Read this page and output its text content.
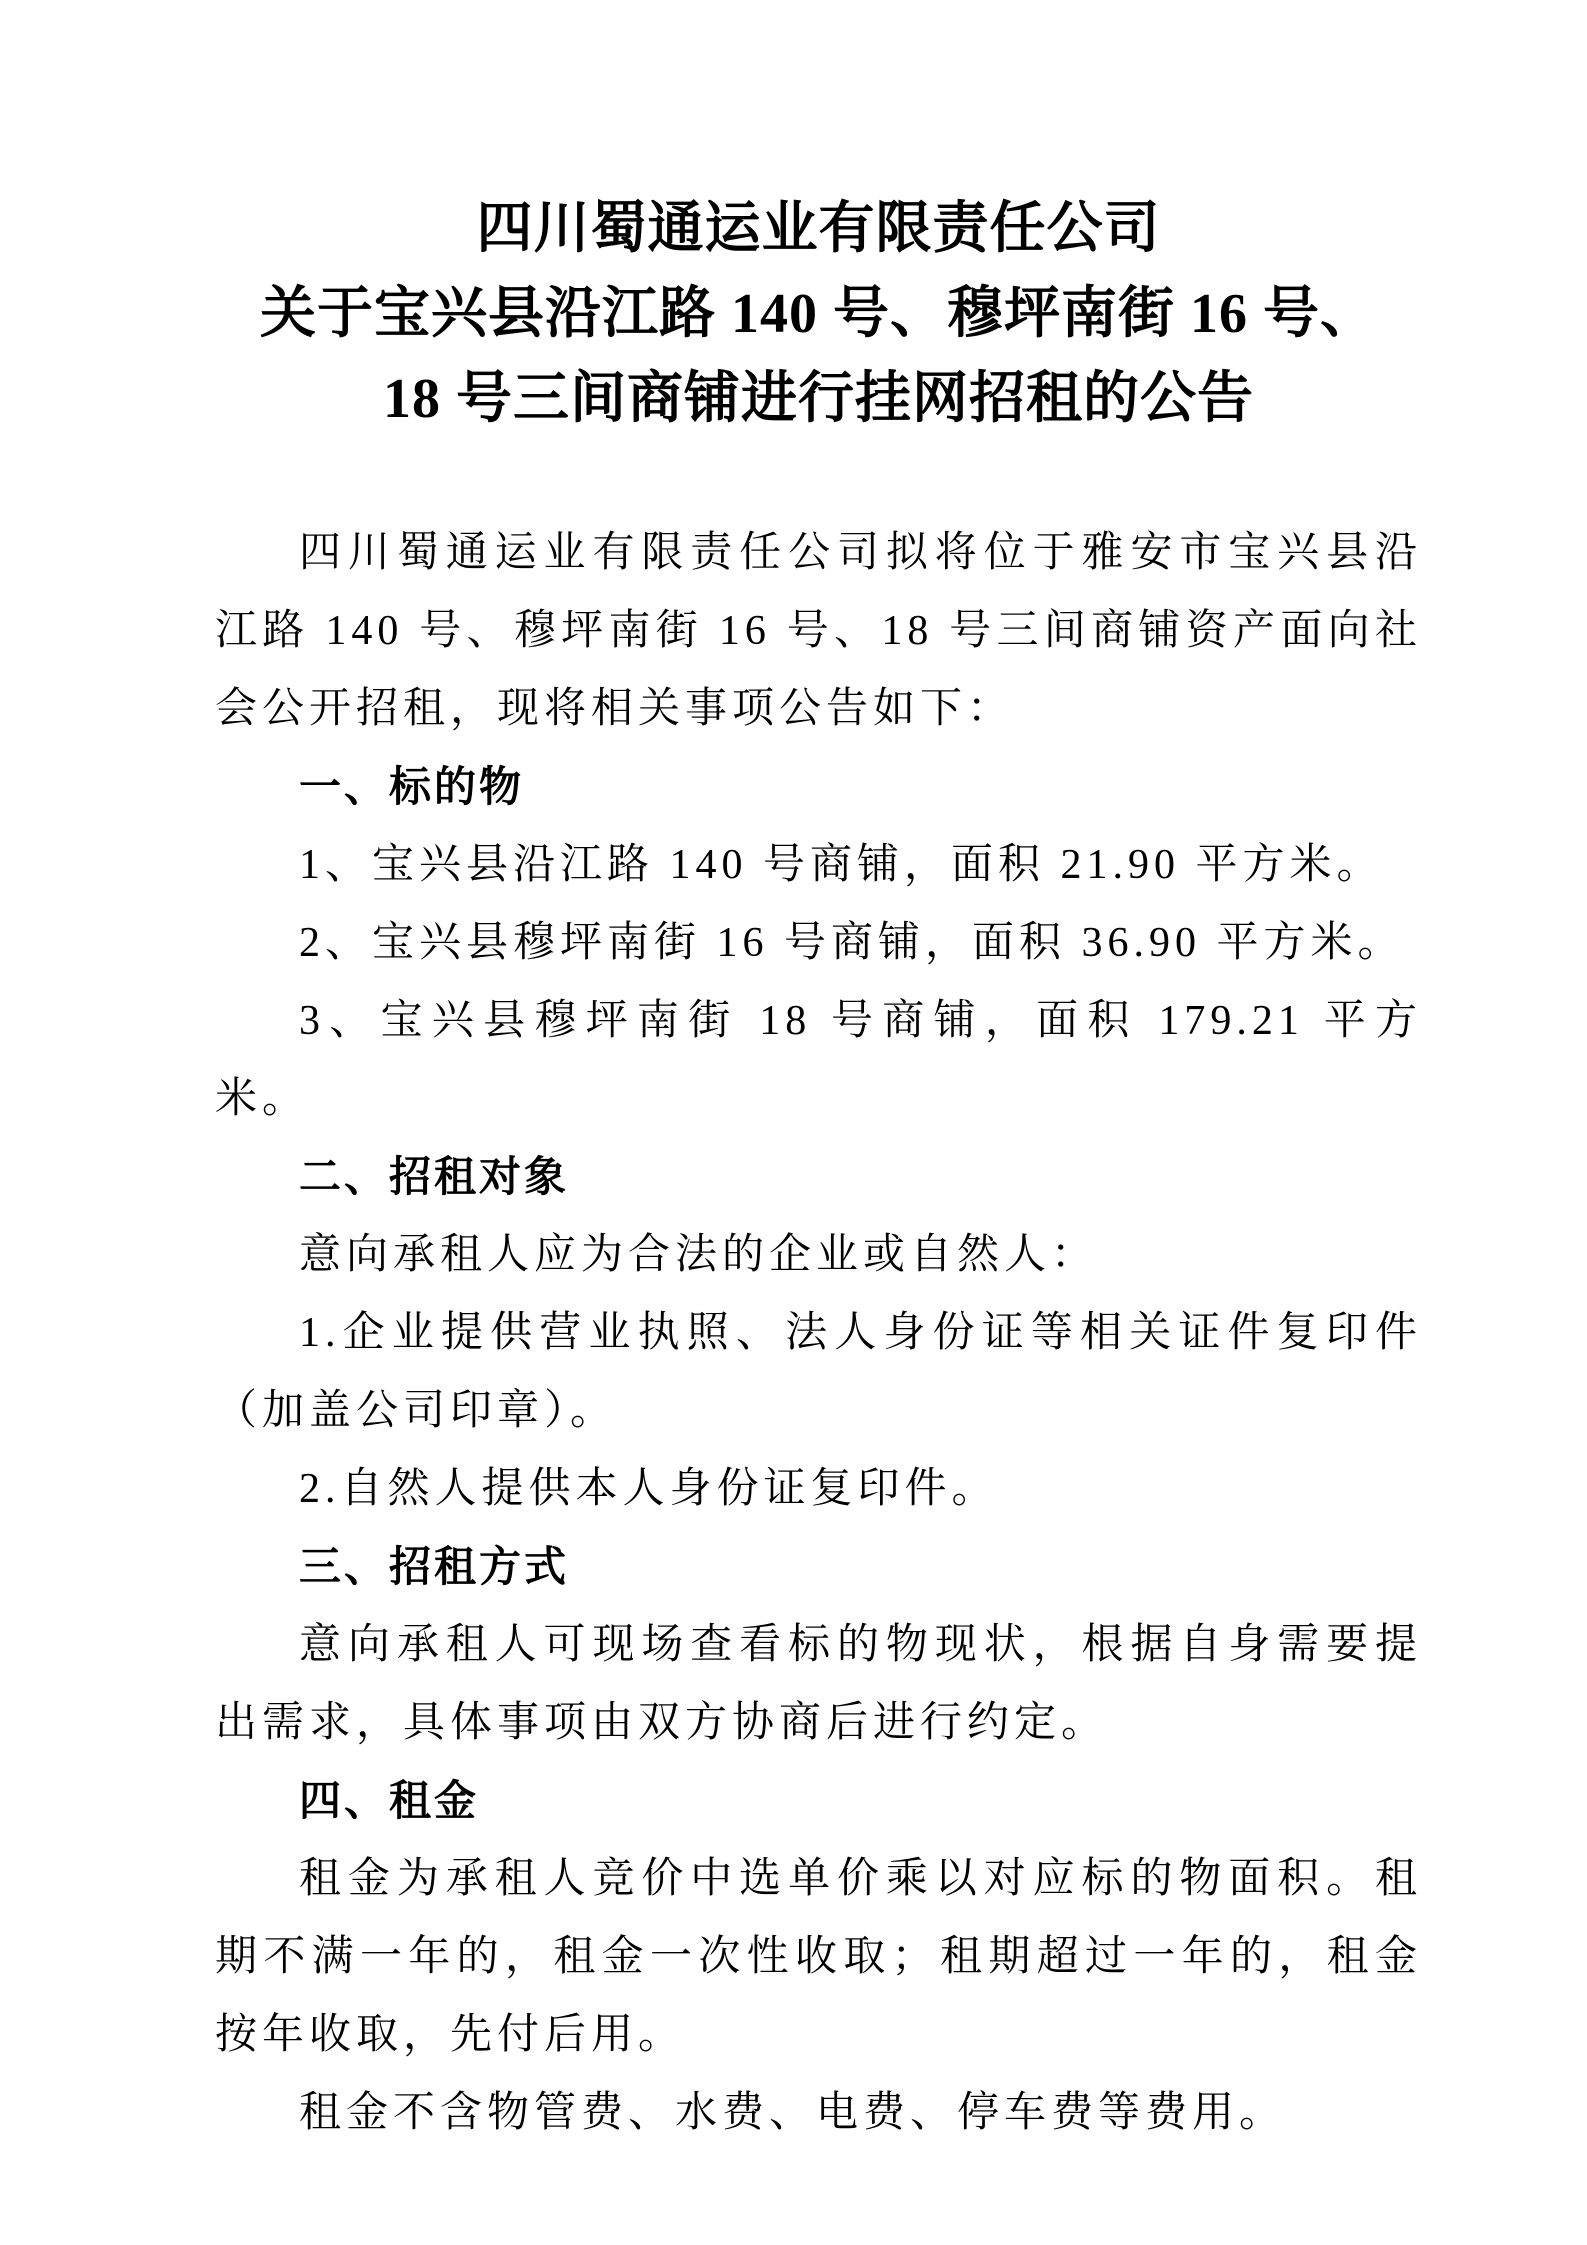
四川蜀通运业有限责任公司
关于宝兴县沿江路 140 号、穆坪南街 16 号、
18 号三间商铺进行挂网招租的公告

四川蜀通运业有限责任公司拟将位于雅安市宝兴县沿江路 140 号、穆坪南街 16 号、18 号三间商铺资产面向社会公开招租，现将相关事项公告如下：

一、标的物

1、宝兴县沿江路 140 号商铺，面积 21.90 平方米。

2、宝兴县穆坪南街 16 号商铺，面积 36.90 平方米。

3、宝兴县穆坪南街 18 号商铺，面积 179.21 平方米。

二、招租对象

意向承租人应为合法的企业或自然人：

1.企业提供营业执照、法人身份证等相关证件复印件（加盖公司印章）。

2.自然人提供本人身份证复印件。

三、招租方式

意向承租人可现场查看标的物现状，根据自身需要提出需求，具体事项由双方协商后进行约定。

四、租金

租金为承租人竞价中选单价乘以对应标的物面积。租期不满一年的，租金一次性收取；租期超过一年的，租金按年收取，先付后用。

租金不含物管费、水费、电费、停车费等费用。
